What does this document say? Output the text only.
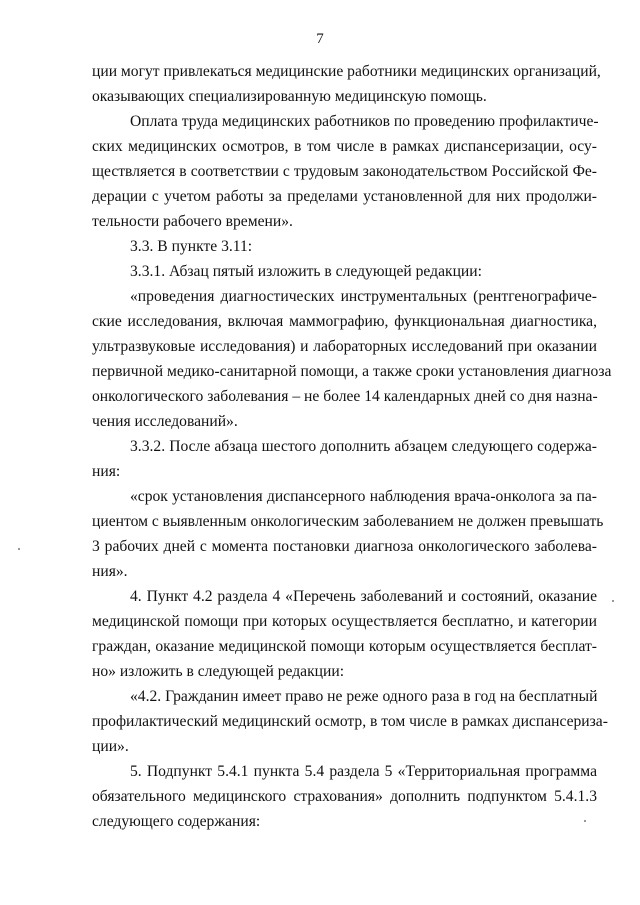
7
ции могут привлекаться медицинские работники медицинских организаций,
оказывающих специализированную медицинскую помощь.
Оплата труда медицинских работников по проведению профилактиче-
ских медицинских осмотров, в том числе в рамках диспансеризации, осу-
ществляется в соответствии с трудовым законодательством Российской Фе-
дерации с учетом работы за пределами установленной для них продолжи-
тельности рабочего времени».
3.3. В пункте 3.11:
3.3.1. Абзац пятый изложить в следующей редакции:
«проведения диагностических инструментальных (рентгенографиче-
ские исследования, включая маммографию, функциональная диагностика,
ультразвуковые исследования) и лабораторных исследований при оказании
первичной медико-санитарной помощи, а также сроки установления диагноза
онкологического заболевания – не более 14 календарных дней со дня назна-
чения исследований».
3.3.2. После абзаца шестого дополнить абзацем следующего содержа-
ния:
«срок установления диспансерного наблюдения врача-онколога за па-
циентом с выявленным онкологическим заболеванием не должен превышать
3 рабочих дней с момента постановки диагноза онкологического заболева-
ния».
4. Пункт 4.2 раздела 4 «Перечень заболеваний и состояний, оказание
медицинской помощи при которых осуществляется бесплатно, и категории
граждан, оказание медицинской помощи которым осуществляется бесплат-
но» изложить в следующей редакции:
«4.2. Гражданин имеет право не реже одного раза в год на бесплатный
профилактический медицинский осмотр, в том числе в рамках диспансериза-
ции».
5. Подпункт 5.4.1 пункта 5.4 раздела 5 «Территориальная программа
обязательного медицинского страхования» дополнить подпунктом 5.4.1.3
следующего содержания:
